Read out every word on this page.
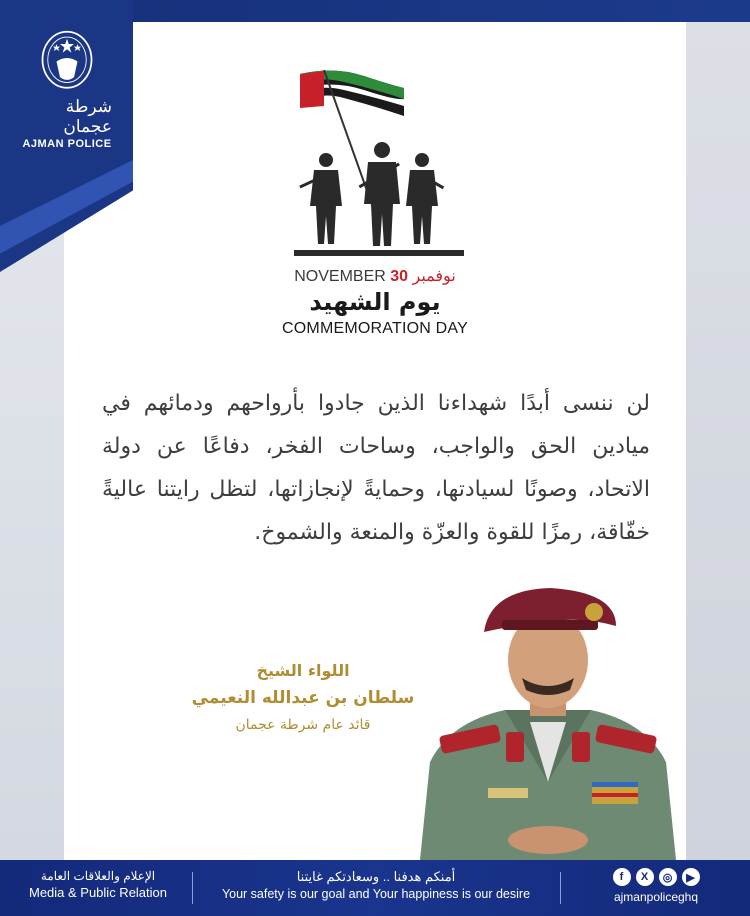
NOVEMBER 30 نوفمبر
يوم الشهيد
COMMEMORATION DAY
لن ننسى أبدًا شهداءنا الذين جادوا بأرواحهم ودمائهم في ميادين الحق والواجب، وساحات الفخر، دفاعًا عن دولة الاتحاد، وصونًا لسيادتها، وحمايةً لإنجازاتها، لتظل رايتنا عاليةً خفّاقة، رمزًا للقوة والعزّة والمنعة والشموخ.
اللواء الشيخ
سلطان بن عبدالله النعيمي
قائد عام شرطة عجمان
شرطة عجمان
AJMAN POLICE
الإعلام والعلاقات العامة
Media & Public Relation
أمنكم هدفنا .. وسعادتكم غايتنا
Your safety is our goal and Your happiness is our desire
f	X	◎	▶
ajmanpoliceghq
